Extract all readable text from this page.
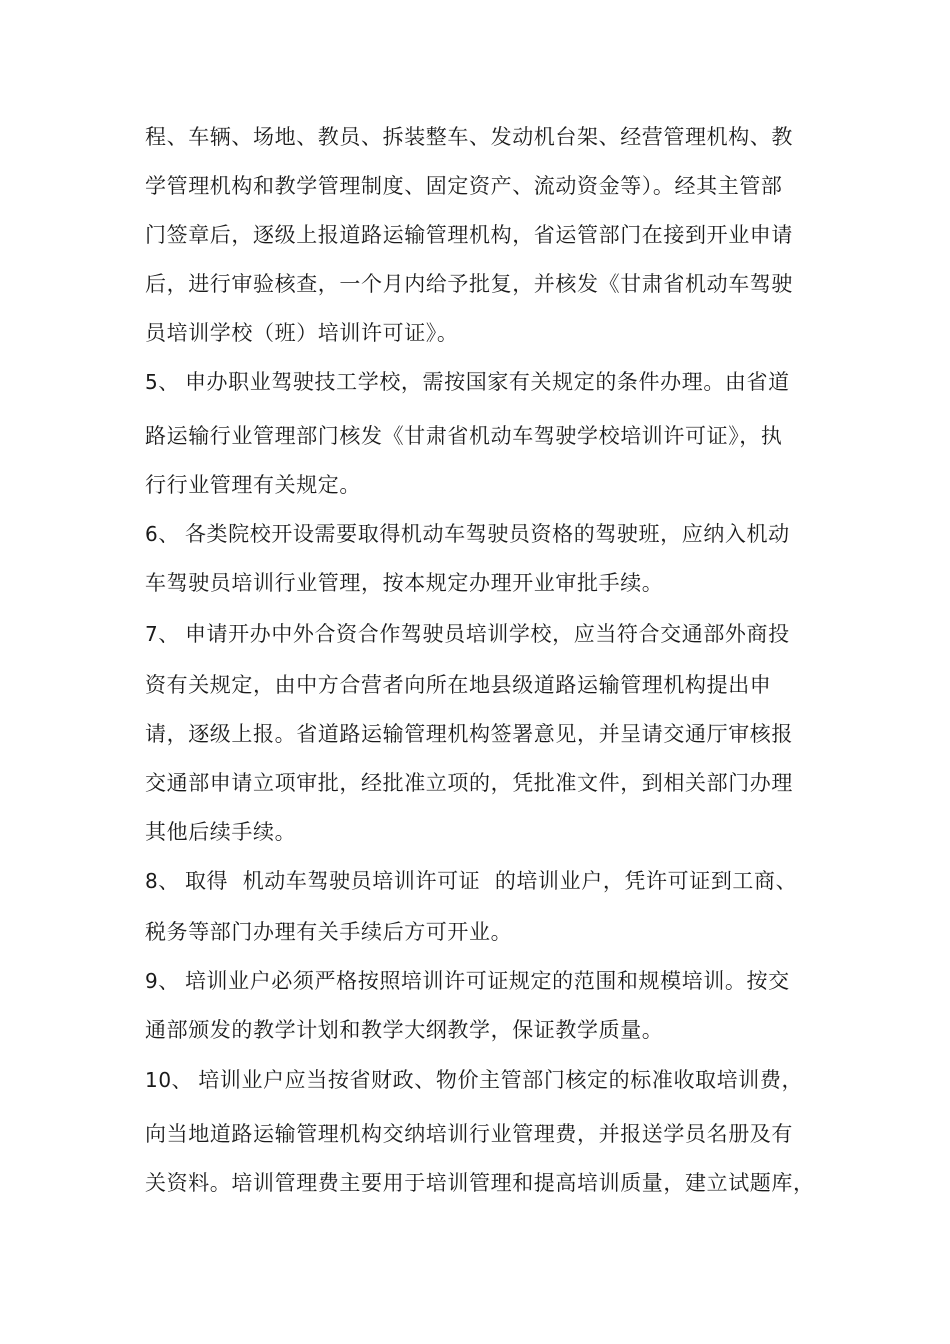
程、车辆、场地、教员、拆装整车、发动机台架、经营管理机构、教
学管理机构和教学管理制度、固定资产、流动资金等）。经其主管部
门签章后，逐级上报道路运输管理机构，省运管部门在接到开业申请
后，进行审验核查，一个月内给予批复，并核发《甘肃省机动车驾驶
员培训学校（班）培训许可证》。
5、 申办职业驾驶技工学校，需按国家有关规定的条件办理。由省道
路运输行业管理部门核发《甘肃省机动车驾驶学校培训许可证》，执
行行业管理有关规定。
6、 各类院校开设需要取得机动车驾驶员资格的驾驶班，应纳入机动
车驾驶员培训行业管理，按本规定办理开业审批手续。
7、 申请开办中外合资合作驾驶员培训学校，应当符合交通部外商投
资有关规定，由中方合营者向所在地县级道路运输管理机构提出申
请，逐级上报。省道路运输管理机构签署意见，并呈请交通厅审核报
交通部申请立项审批，经批准立项的，凭批准文件，到相关部门办理
其他后续手续。
8、 取得  机动车驾驶员培训许可证  的培训业户，凭许可证到工商、
税务等部门办理有关手续后方可开业。
9、 培训业户必须严格按照培训许可证规定的范围和规模培训。按交
通部颁发的教学计划和教学大纲教学，保证教学质量。
10、 培训业户应当按省财政、物价主管部门核定的标准收取培训费，
向当地道路运输管理机构交纳培训行业管理费，并报送学员名册及有
关资料。培训管理费主要用于培训管理和提高培训质量，建立试题库，
